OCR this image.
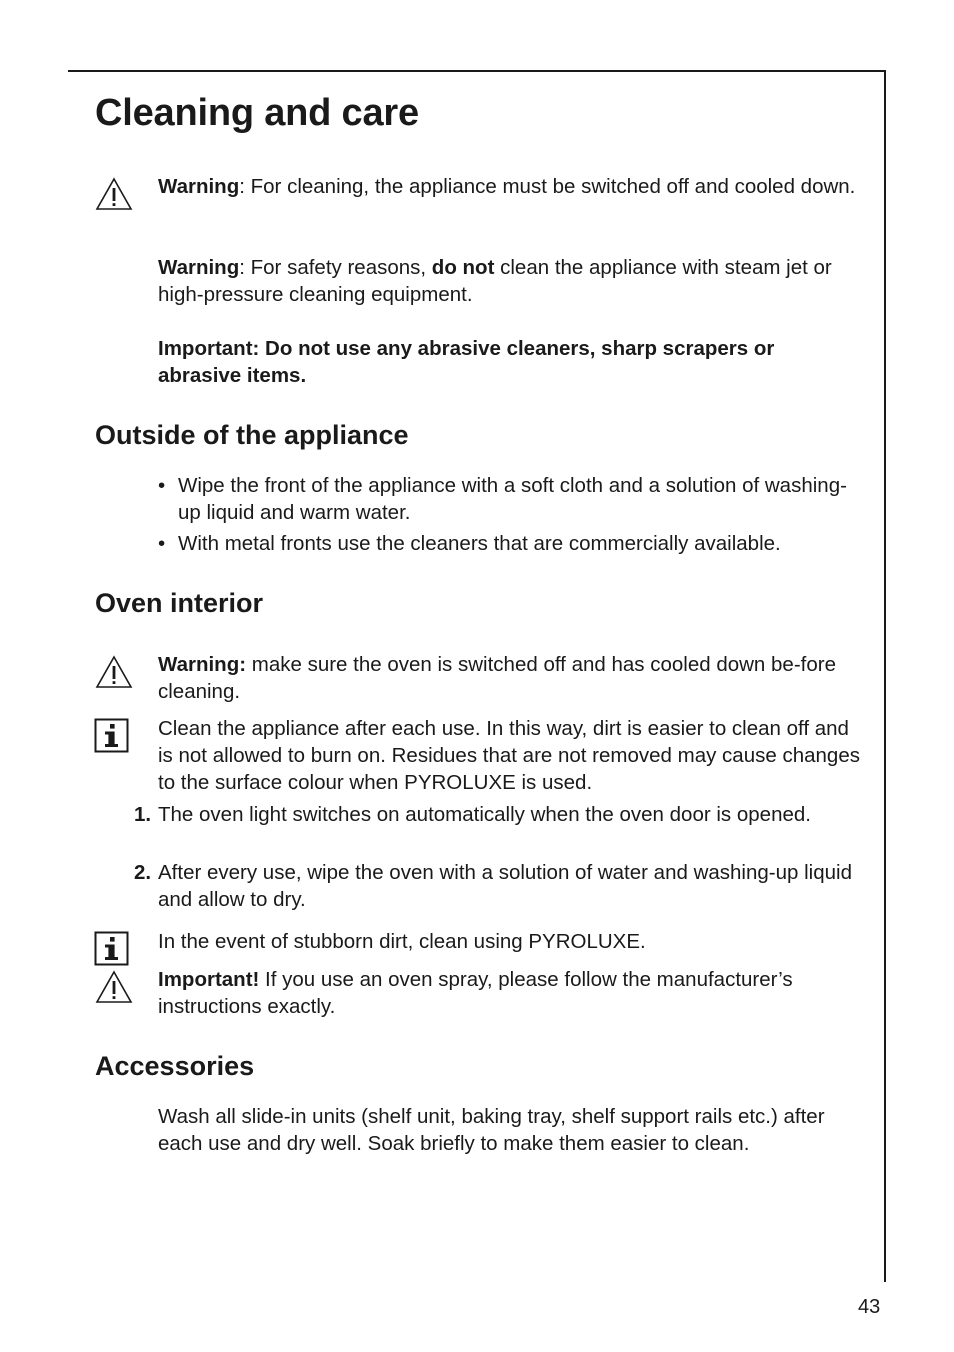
Cleaning and care

Warning: For cleaning, the appliance must be switched off and cooled down.

Warning: For safety reasons, do not clean the appliance with steam jet or high-pressure cleaning equipment.

Important: Do not use any abrasive cleaners, sharp scrapers or abrasive items.

Outside of the appliance
• Wipe the front of the appliance with a soft cloth and a solution of washing-up liquid and warm water.
• With metal fronts use the cleaners that are commercially available.
Oven interior

Warning: make sure the oven is switched off and has cooled down be-fore cleaning.

Clean the appliance after each use. In this way, dirt is easier to clean off and is not allowed to burn on. Residues that are not removed may cause changes to the surface colour when PYROLUXE is used.

1. The oven light switches on automatically when the oven door is opened.
2. After every use, wipe the oven with a solution of water and washing-up liquid and allow to dry.

In the event of stubborn dirt, clean using PYROLUXE.

Important! If you use an oven spray, please follow the manufacturer’s instructions exactly.

Accessories

Wash all slide-in units (shelf unit, baking tray, shelf support rails etc.) after each use and dry well. Soak briefly to make them easier to clean.

43
